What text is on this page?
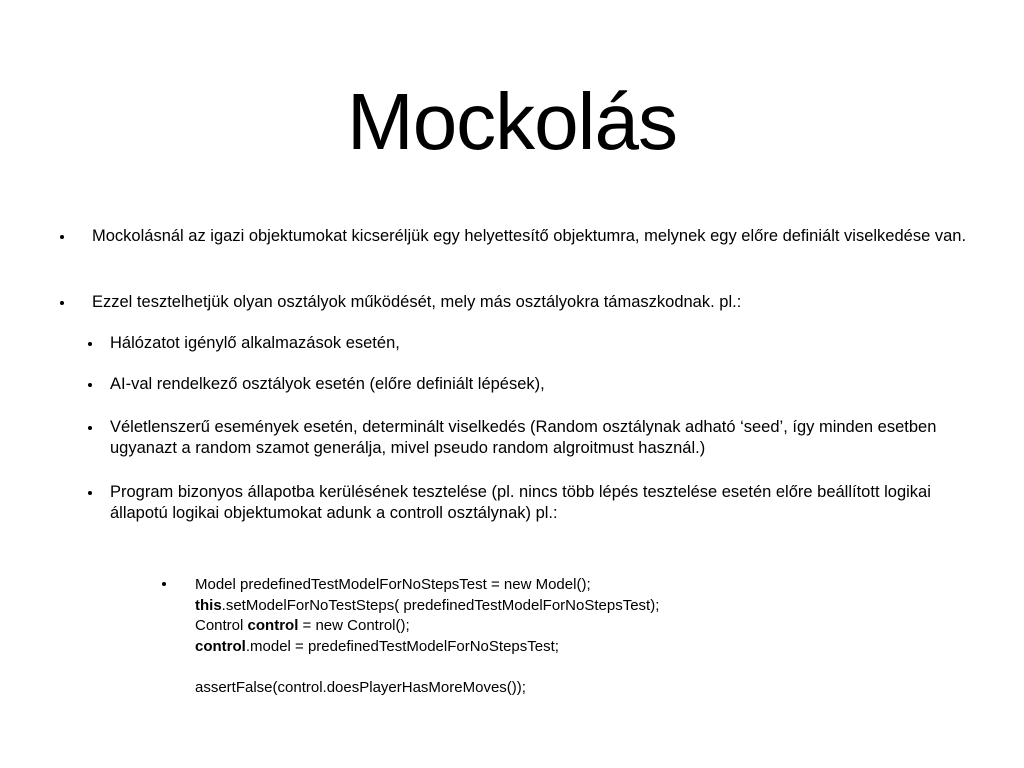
Mockolás
Mockolásnál az igazi objektumokat kicseréljük egy helyettesítő objektumra, melynek egy előre definiált viselkedése van.
Ezzel tesztelhetjük olyan osztályok működését, mely más osztályokra támaszkodnak. pl.:
Hálózatot igénylő alkalmazások esetén,
AI-val rendelkező osztályok esetén (előre definiált lépések),
Véletlenszerű események esetén, determinált viselkedés (Random osztálynak adható ‘seed’, így minden esetben ugyanazt a random szamot generálja, mivel pseudo random algroitmust használ.)
Program bizonyos állapotba kerülésének tesztelése (pl. nincs több lépés tesztelése esetén előre beállított logikai állapotú logikai objektumokat adunk a controll osztálynak) pl.:
Model predefinedTestModelForNoStepsTest = new Model();
this.setModelForNoTestSteps( predefinedTestModelForNoStepsTest);
Control control = new Control();
control.model = predefinedTestModelForNoStepsTest;
assertFalse(control.doesPlayerHasMoreMoves());
